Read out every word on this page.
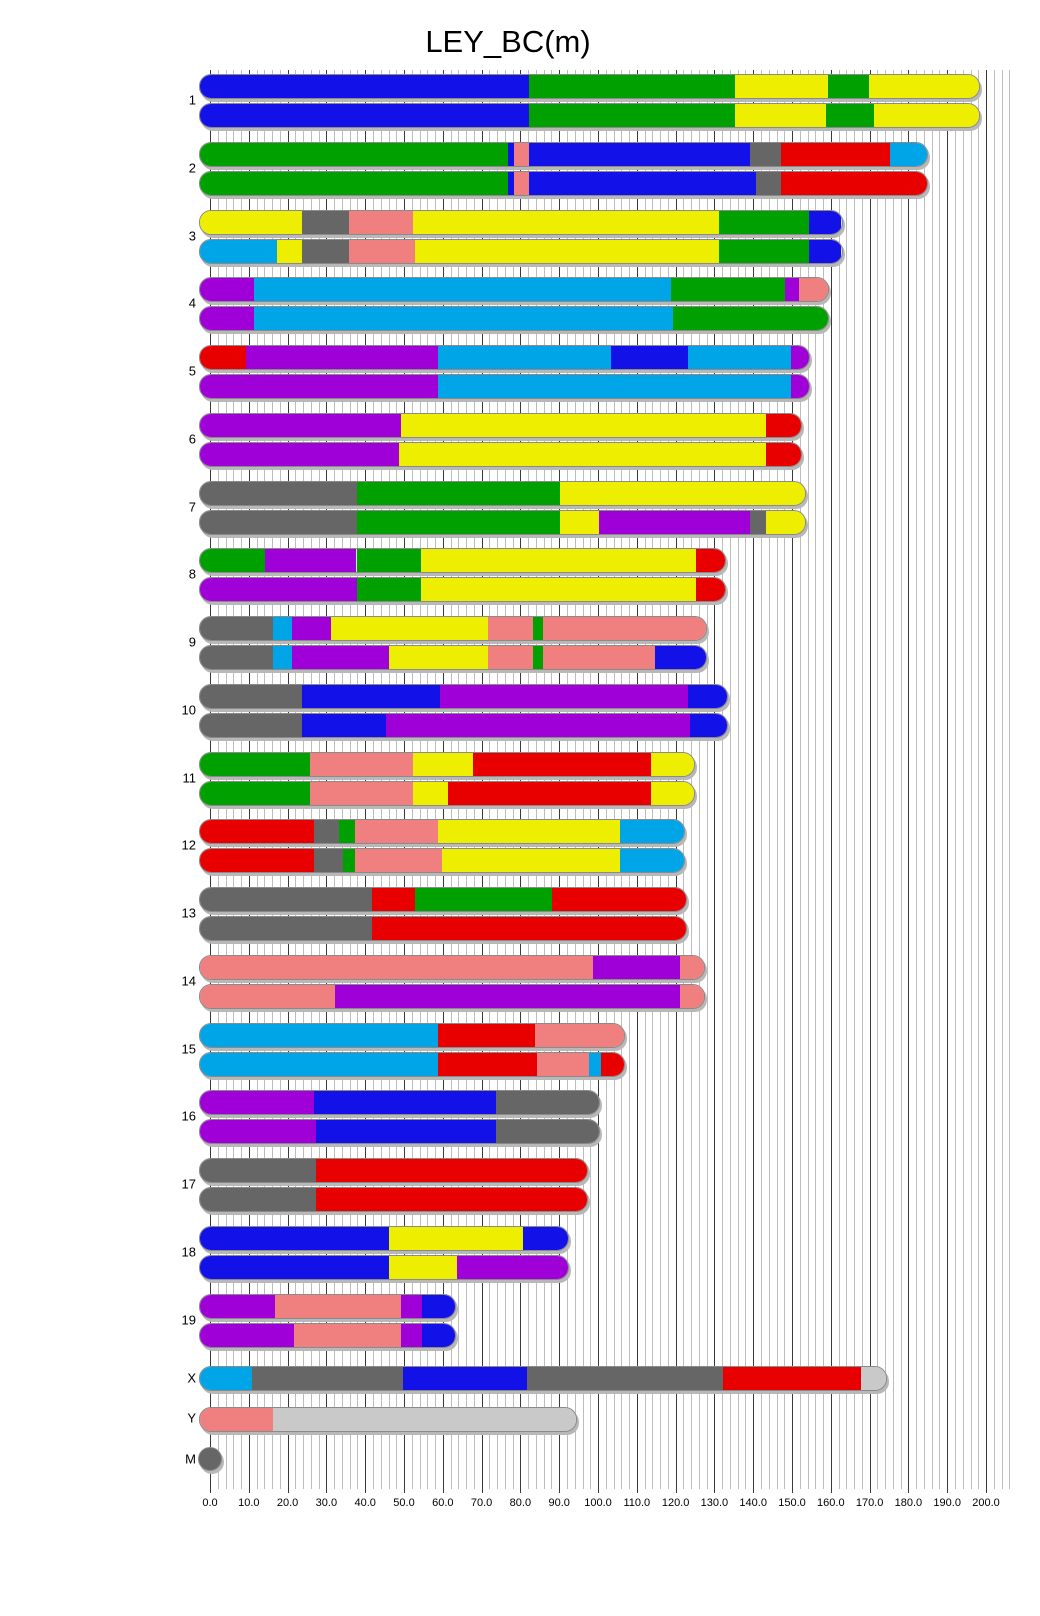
LEY_BC(m)
0.0 10.0 20.0 30.0 40.0 50.0 60.0 70.0 80.0 90.0 100.0 110.0 120.0 130.0 140.0 150.0 160.0 170.0 180.0 190.0 200.0
1
2
3
4
5
6
7
8
9
10
11
12
13
14
15
16
17
18
19
X
Y
M
